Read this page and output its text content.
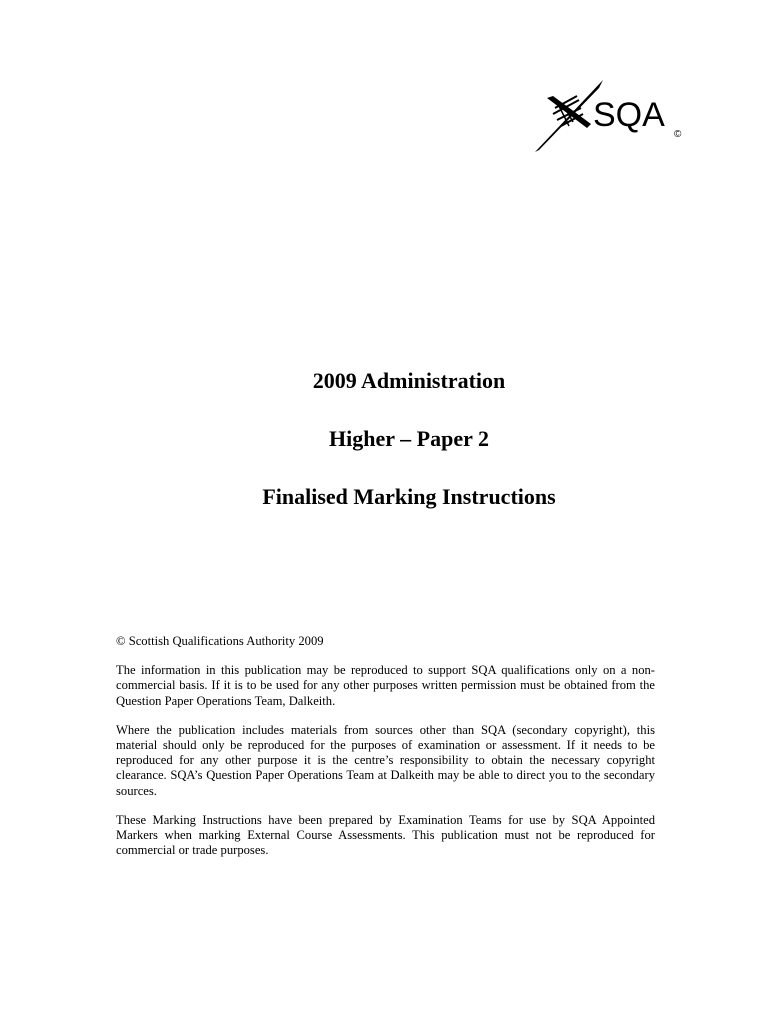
SQA
©
2009 Administration
Higher – Paper 2
Finalised Marking Instructions

© Scottish Qualifications Authority 2009

The information in this publication may be reproduced to support SQA qualifications only on a non-commercial basis. If it is to be used for any other purposes written permission must be obtained from the Question Paper Operations Team, Dalkeith.

Where the publication includes materials from sources other than SQA (secondary copyright), this material should only be reproduced for the purposes of examination or assessment. If it needs to be reproduced for any other purpose it is the centre’s responsibility to obtain the necessary copyright clearance. SQA’s Question Paper Operations Team at Dalkeith may be able to direct you to the secondary sources.

These Marking Instructions have been prepared by Examination Teams for use by SQA Appointed Markers when marking External Course Assessments. This publication must not be reproduced for commercial or trade purposes.
